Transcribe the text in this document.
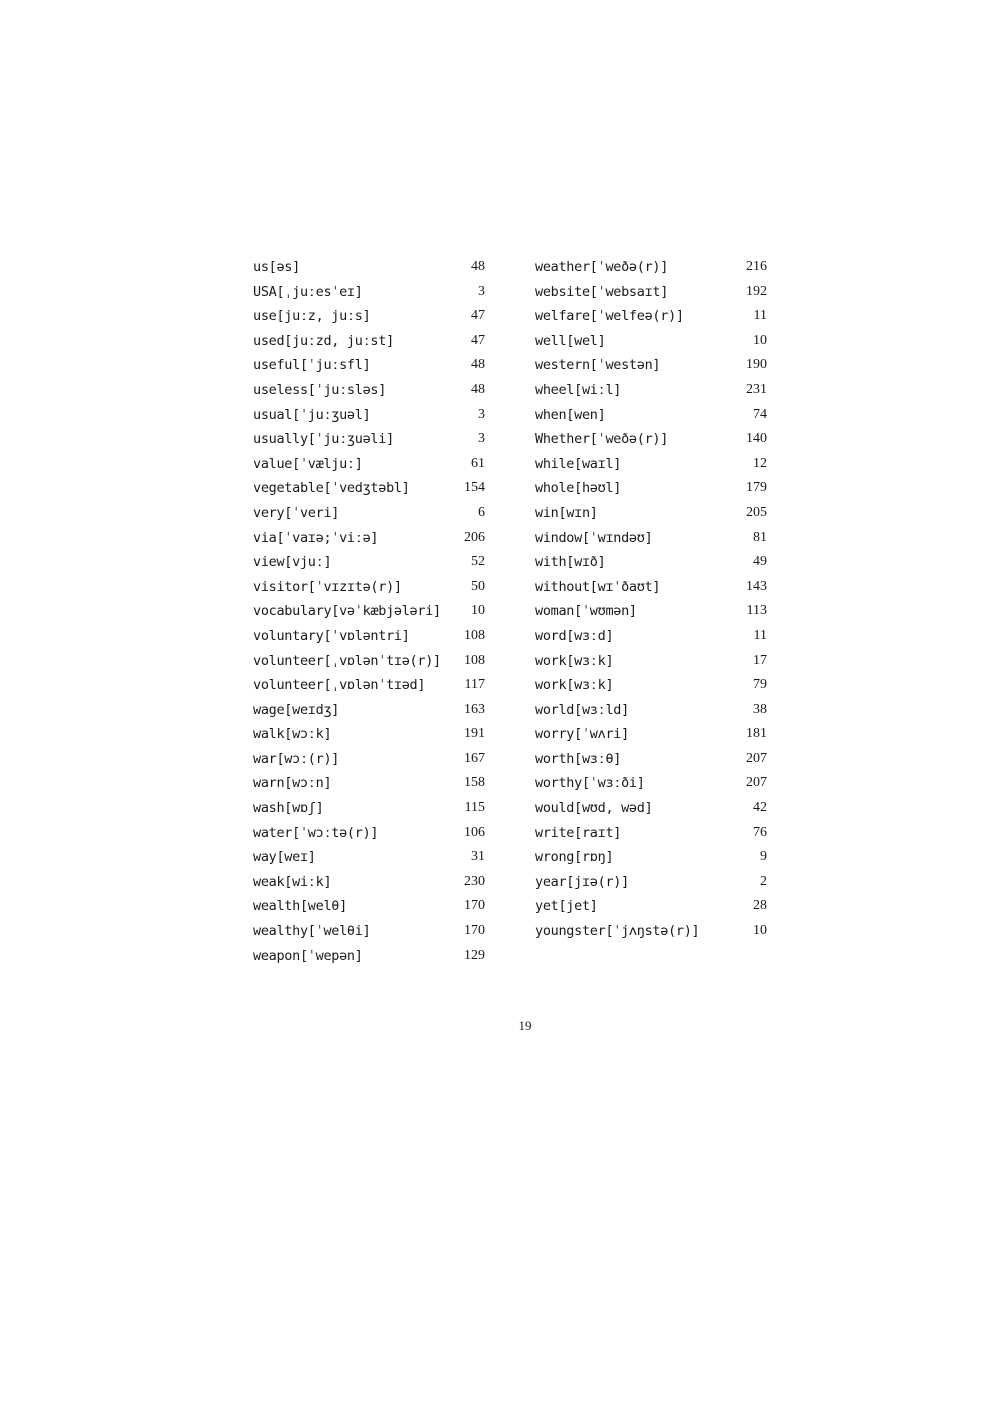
us[əs]	48
USA[ˌjuːesˈeɪ]	3
use[juːz, juːs]	47
used[juːzd, juːst]	47
useful[ˈjuːsfl]	48
useless[ˈjuːsləs]	48
usual[ˈjuːʒuəl]	3
usually[ˈjuːʒuəli]	3
value[ˈvæljuː]	61
vegetable[ˈvedʒtəbl]	154
very[ˈveri]	6
via[ˈvaɪə;ˈviːə]	206
view[vjuː]	52
visitor[ˈvɪzɪtə(r)]	50
vocabulary[vəˈkæbjələri] 10
voluntary[ˈvɒləntri]	108
volunteer[ˌvɒlənˈtɪə(r)] 108
volunteer[ˌvɒlənˈtɪəd]	117
wage[weɪdʒ]	163
walk[wɔːk]	191
war[wɔː(r)]	167
warn[wɔːn]	158
wash[wɒʃ]	115
water[ˈwɔːtə(r)]	106
way[weɪ]	31
weak[wiːk]	230
wealth[welθ]	170
wealthy[ˈwelθi]	170
weapon[ˈwepən]	129
weather[ˈweðə(r)]	216
website[ˈwebsaɪt]	192
welfare[ˈwelfeə(r)]	11
well[wel]	10
western[ˈwestən]	190
wheel[wiːl]	231
when[wen]	74
Whether[ˈweðə(r)]	140
while[waɪl]	12
whole[həʊl]	179
win[wɪn]	205
window[ˈwɪndəʊ]	81
with[wɪð]	49
without[wɪˈðaʊt]	143
woman[ˈwʊmən]	113
word[wɜːd]	11
work[wɜːk]	17
work[wɜːk]	79
world[wɜːld]	38
worry[ˈwʌri]	181
worth[wɜːθ]	207
worthy[ˈwɜːði]	207
would[wʊd, wəd]	42
write[raɪt]	76
wrong[rɒŋ]	9
year[jɪə(r)]	2
yet[jet]	28
youngster[ˈjʌŋstə(r)]	10
19
